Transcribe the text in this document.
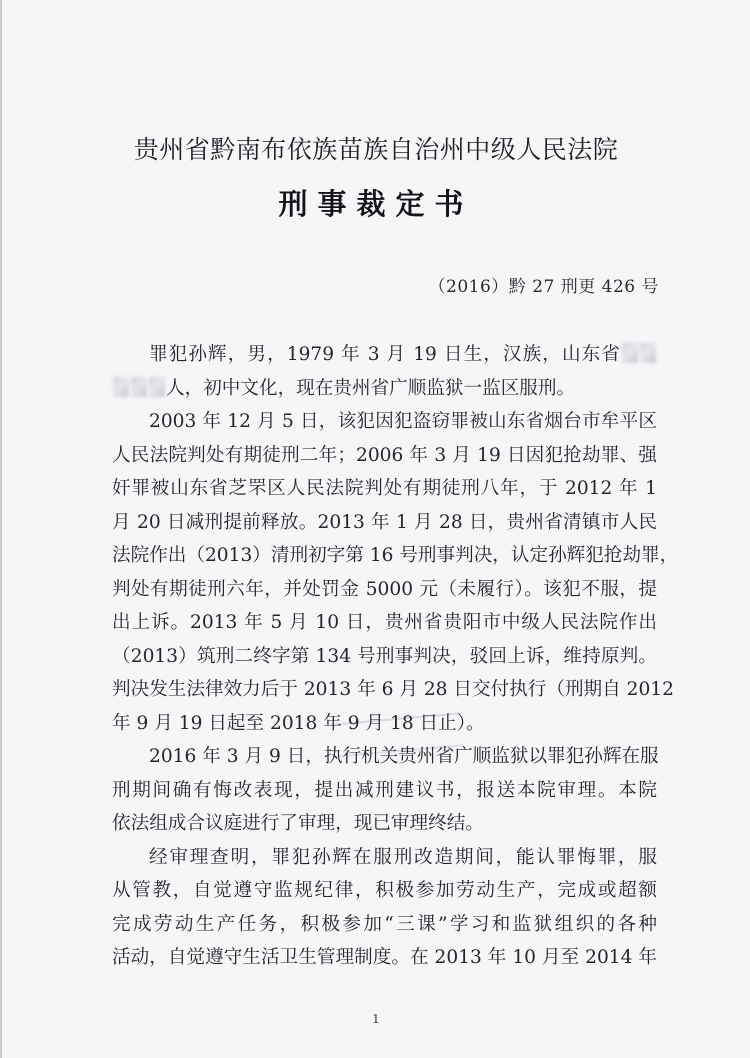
贵州省黔南布依族苗族自治州中级人民法院
刑事裁定书
（2016）黔 27 刑更 426 号
罪犯孙辉，男，1979 年 3 月 19 日生，汉族，山东省
人，初中文化，现在贵州省广顺监狱一监区服刑。
2003 年 12 月 5 日，该犯因犯盗窃罪被山东省烟台市牟平区
人民法院判处有期徒刑二年；2006 年 3 月 19 日因犯抢劫罪、强
奸罪被山东省芝罘区人民法院判处有期徒刑八年，于 2012 年 1
月 20 日减刑提前释放。2013 年 1 月 28 日，贵州省清镇市人民
法院作出（2013）清刑初字第 16 号刑事判决，认定孙辉犯抢劫罪，
判处有期徒刑六年，并处罚金 5000 元（未履行）。该犯不服，提
出上诉。2013 年 5 月 10 日，贵州省贵阳市中级人民法院作出
（2013）筑刑二终字第 134 号刑事判决，驳回上诉，维持原判。
判决发生法律效力后于 2013 年 6 月 28 日交付执行（刑期自 2012
年 9 月 19 日起至 2018 年 9 月 18 日止）。
2016 年 3 月 9 日，执行机关贵州省广顺监狱以罪犯孙辉在服
刑期间确有悔改表现，提出减刑建议书，报送本院审理。本院
依法组成合议庭进行了审理，现已审理终结。
经审理查明，罪犯孙辉在服刑改造期间，能认罪悔罪，服
从管教，自觉遵守监规纪律，积极参加劳动生产，完成或超额
完成劳动生产任务，积极参加“三课”学习和监狱组织的各种
活动，自觉遵守生活卫生管理制度。在 2013 年 10 月至 2014 年
1
